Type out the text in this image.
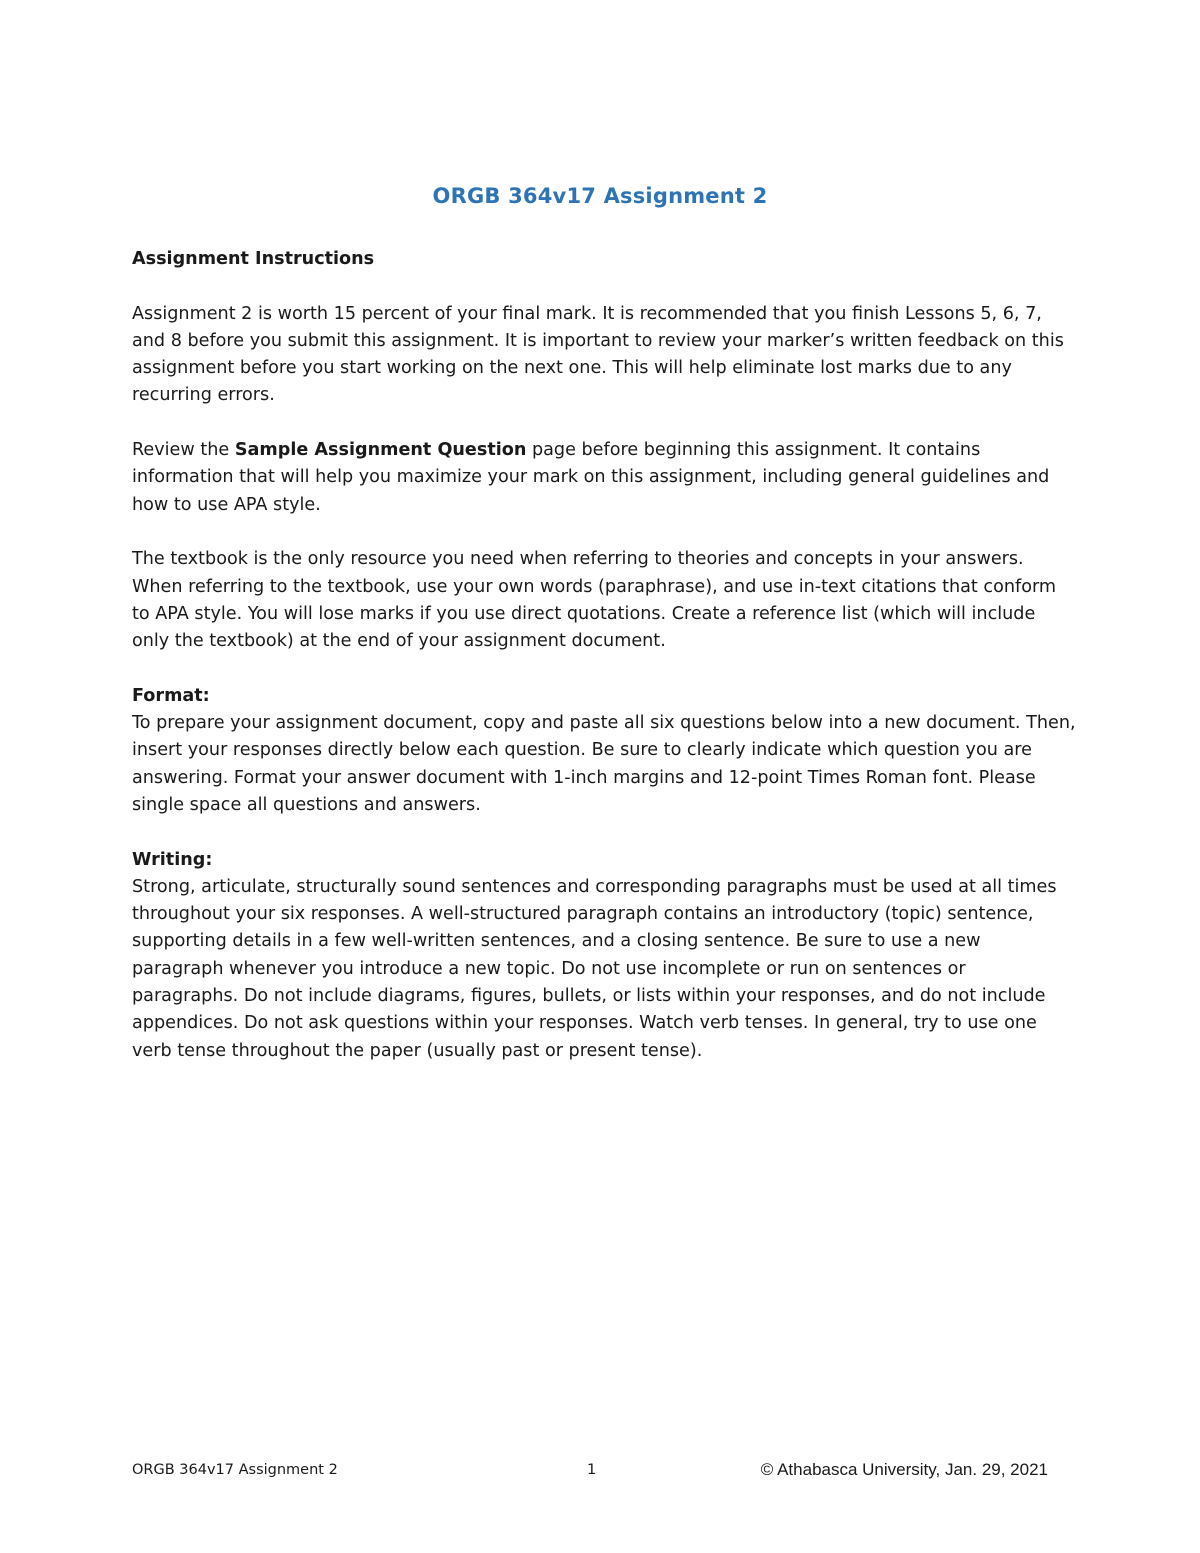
ORGB 364v17 Assignment 2
Assignment Instructions

Assignment 2 is worth 15 percent of your final mark. It is recommended that you finish Lessons 5, 6, 7, and 8 before you submit this assignment. It is important to review your marker’s written feedback on this assignment before you start working on the next one. This will help eliminate lost marks due to any recurring errors.

Review the Sample Assignment Question page before beginning this assignment. It contains information that will help you maximize your mark on this assignment, including general guidelines and how to use APA style.

The textbook is the only resource you need when referring to theories and concepts in your answers. When referring to the textbook, use your own words (paraphrase), and use in-text citations that conform to APA style. You will lose marks if you use direct quotations. Create a reference list (which will include only the textbook) at the end of your assignment document.

Format:

To prepare your assignment document, copy and paste all six questions below into a new document. Then, insert your responses directly below each question. Be sure to clearly indicate which question you are answering. Format your answer document with 1-inch margins and 12-point Times Roman font. Please single space all questions and answers.

Writing:

Strong, articulate, structurally sound sentences and corresponding paragraphs must be used at all times throughout your six responses. A well-structured paragraph contains an introductory (topic) sentence, supporting details in a few well-written sentences, and a closing sentence. Be sure to use a new paragraph whenever you introduce a new topic. Do not use incomplete or run on sentences or paragraphs. Do not include diagrams, figures, bullets, or lists within your responses, and do not include appendices. Do not ask questions within your responses. Watch verb tenses. In general, try to use one verb tense throughout the paper (usually past or present tense).

ORGB 364v17 Assignment 2	1	© Athabasca University, Jan. 29, 2021
